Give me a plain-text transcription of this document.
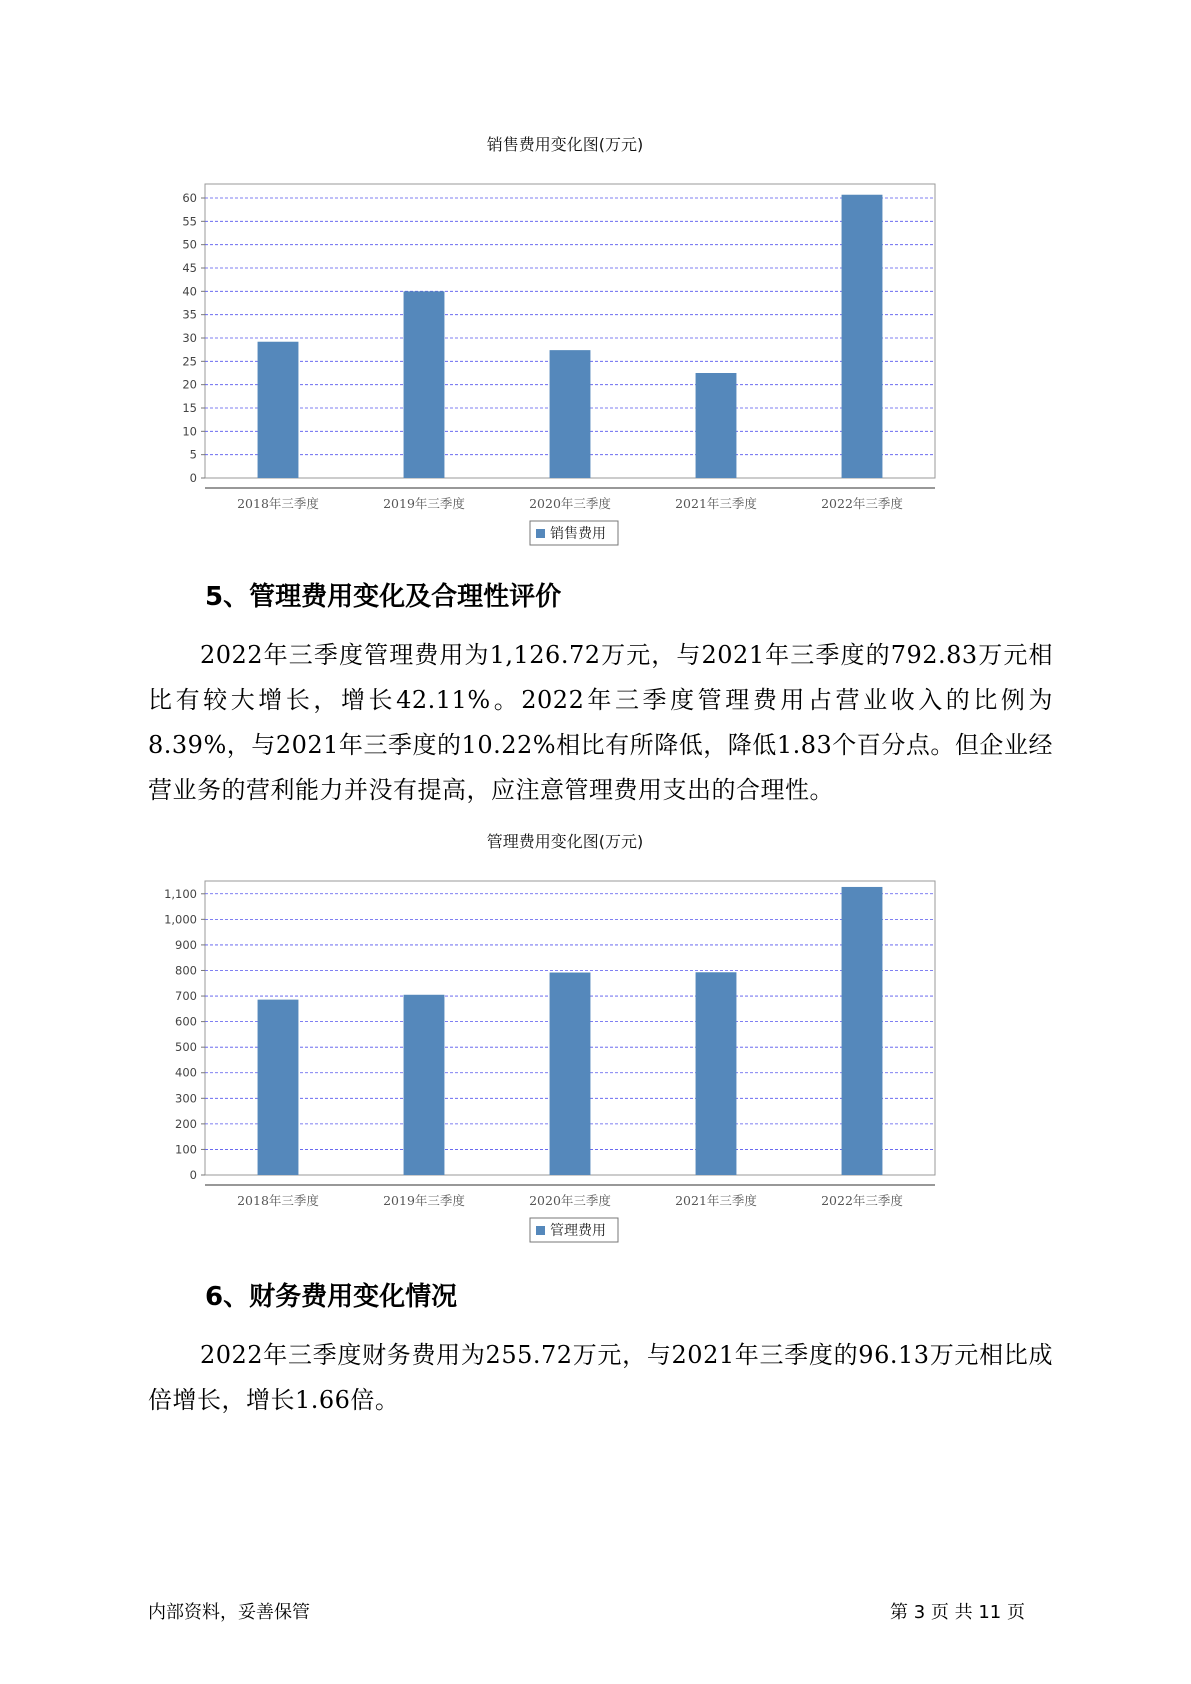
销售费用变化图(万元)
0
5
10
15
20
25
30
35
40
45
50
55
60
2018年三季度	2019年三季度	2020年三季度	2021年三季度	2022年三季度
销售费用
5、管理费用变化及合理性评价

2022年三季度管理费用为1,126.72万元，与2021年三季度的792.83万元相比有较大增长，增长42.11%。2022年三季度管理费用占营业收入的比例为8.39%，与2021年三季度的10.22%相比有所降低，降低1.83个百分点。但企业经营业务的营利能力并没有提高，应注意管理费用支出的合理性。

管理费用变化图(万元)
0
100
200
300
400
500
600
700
800
900
1,000
1,100
2018年三季度	2019年三季度	2020年三季度	2021年三季度	2022年三季度
管理费用
6、财务费用变化情况

2022年三季度财务费用为255.72万元，与2021年三季度的96.13万元相比成倍增长，增长1.66倍。

内部资料，妥善保管	第 3 页 共 11 页
